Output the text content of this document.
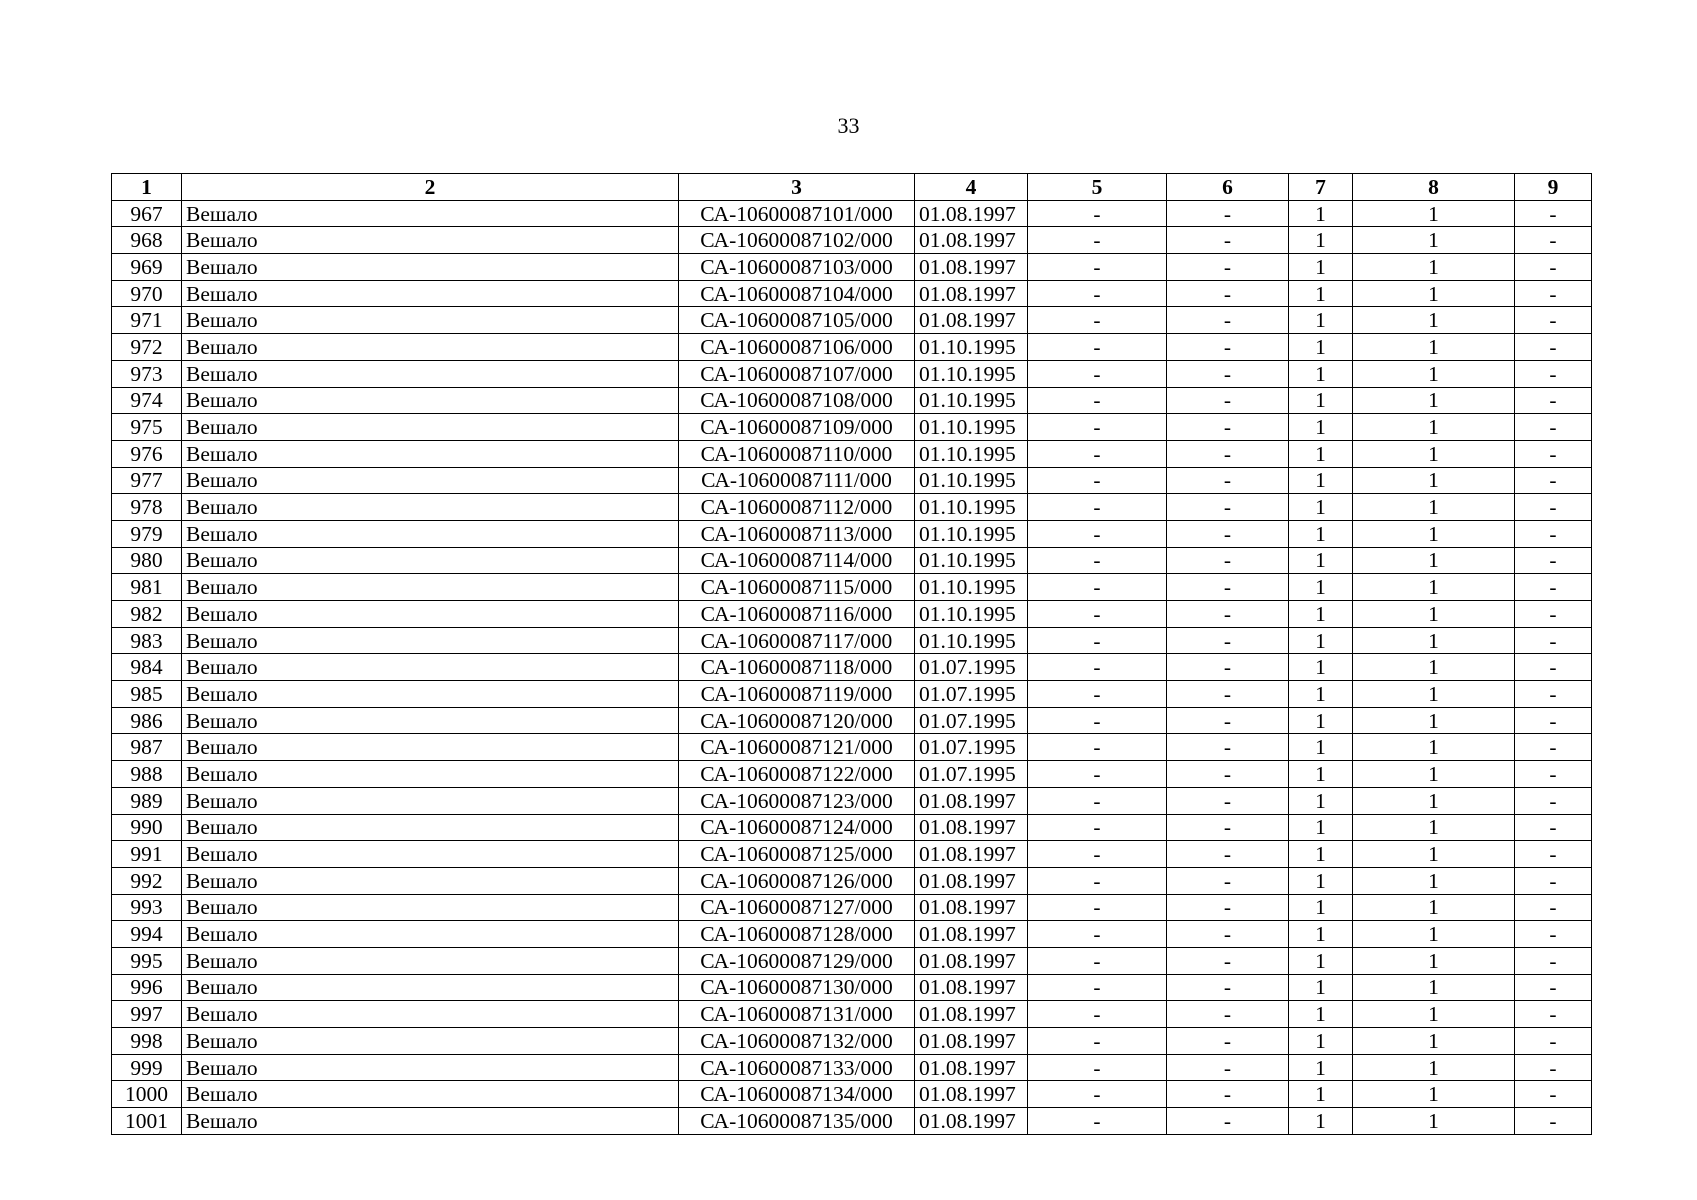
33
1	2	3	4	5	6	7	8	9
967	Вешало	СА-10600087101/000	01.08.1997	-	-	1	1	-
968	Вешало	СА-10600087102/000	01.08.1997	-	-	1	1	-
969	Вешало	СА-10600087103/000	01.08.1997	-	-	1	1	-
970	Вешало	СА-10600087104/000	01.08.1997	-	-	1	1	-
971	Вешало	СА-10600087105/000	01.08.1997	-	-	1	1	-
972	Вешало	СА-10600087106/000	01.10.1995	-	-	1	1	-
973	Вешало	СА-10600087107/000	01.10.1995	-	-	1	1	-
974	Вешало	СА-10600087108/000	01.10.1995	-	-	1	1	-
975	Вешало	СА-10600087109/000	01.10.1995	-	-	1	1	-
976	Вешало	СА-10600087110/000	01.10.1995	-	-	1	1	-
977	Вешало	СА-10600087111/000	01.10.1995	-	-	1	1	-
978	Вешало	СА-10600087112/000	01.10.1995	-	-	1	1	-
979	Вешало	СА-10600087113/000	01.10.1995	-	-	1	1	-
980	Вешало	СА-10600087114/000	01.10.1995	-	-	1	1	-
981	Вешало	СА-10600087115/000	01.10.1995	-	-	1	1	-
982	Вешало	СА-10600087116/000	01.10.1995	-	-	1	1	-
983	Вешало	СА-10600087117/000	01.10.1995	-	-	1	1	-
984	Вешало	СА-10600087118/000	01.07.1995	-	-	1	1	-
985	Вешало	СА-10600087119/000	01.07.1995	-	-	1	1	-
986	Вешало	СА-10600087120/000	01.07.1995	-	-	1	1	-
987	Вешало	СА-10600087121/000	01.07.1995	-	-	1	1	-
988	Вешало	СА-10600087122/000	01.07.1995	-	-	1	1	-
989	Вешало	СА-10600087123/000	01.08.1997	-	-	1	1	-
990	Вешало	СА-10600087124/000	01.08.1997	-	-	1	1	-
991	Вешало	СА-10600087125/000	01.08.1997	-	-	1	1	-
992	Вешало	СА-10600087126/000	01.08.1997	-	-	1	1	-
993	Вешало	СА-10600087127/000	01.08.1997	-	-	1	1	-
994	Вешало	СА-10600087128/000	01.08.1997	-	-	1	1	-
995	Вешало	СА-10600087129/000	01.08.1997	-	-	1	1	-
996	Вешало	СА-10600087130/000	01.08.1997	-	-	1	1	-
997	Вешало	СА-10600087131/000	01.08.1997	-	-	1	1	-
998	Вешало	СА-10600087132/000	01.08.1997	-	-	1	1	-
999	Вешало	СА-10600087133/000	01.08.1997	-	-	1	1	-
1000	Вешало	СА-10600087134/000	01.08.1997	-	-	1	1	-
1001	Вешало	СА-10600087135/000	01.08.1997	-	-	1	1	-
